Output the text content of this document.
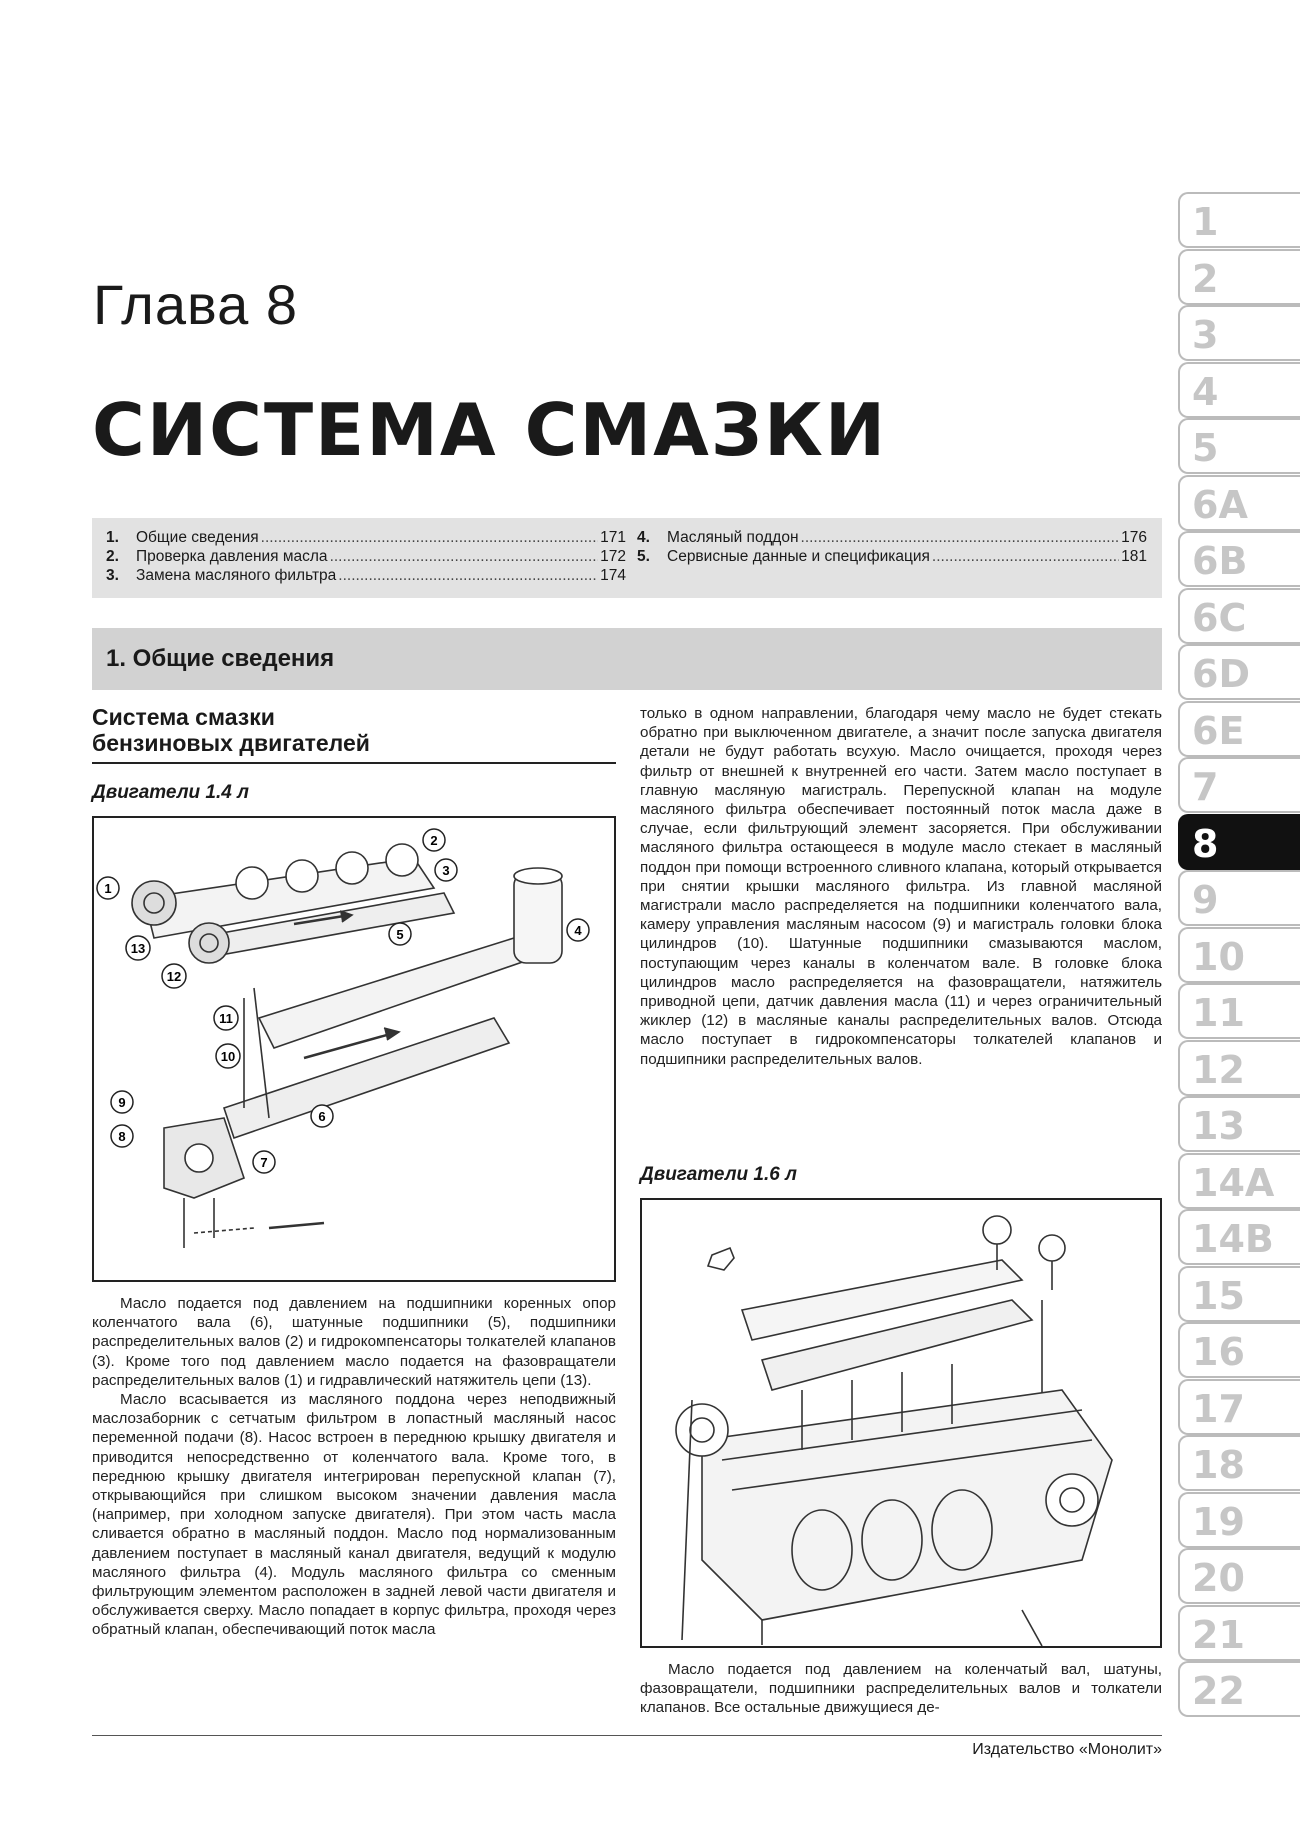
Глава 8
СИСТЕМА СМАЗКИ
1.	Общие сведения .....	171
2.	Проверка давления масла .....	172
3.	Замена масляного фильтра .....	174
4.	Масляный поддон .....	176
5.	Сервисные данные и спецификация .....	181
1. Общие сведения
Система смазки
бензиновых двигателей
Двигатели 1.4 л
1
2
3
4
5
6
7
8
9
10
11
12
13

Масло подается под давлением на подшипники коренных опор коленчатого вала (6), шатунные подшипники (5), подшипники распределительных валов (2) и гидрокомпенсаторы толкателей клапанов (3). Кроме того под давлением масло подается на фазовращатели распределительных валов (1) и гидравлический натяжитель цепи (13).

Масло всасывается из масляного поддона через неподвижный маслозаборник с сетчатым фильтром в лопастный масляный насос переменной подачи (8). Насос встроен в переднюю крышку двигателя и приводится непосредственно от коленчатого вала. Кроме того, в переднюю крышку двигателя интегрирован перепускной клапан (7), открывающийся при слишком высоком значении давления масла (например, при холодном запуске двигателя). При этом часть масла сливается обратно в масляный поддон. Масло под нормализованным давлением поступает в масляный канал двигателя, ведущий к модулю масляного фильтра (4). Модуль масляного фильтра со сменным фильтрующим элементом расположен в задней левой части двигателя и обслуживается сверху. Масло попадает в корпус фильтра, проходя через обратный клапан, обеспечивающий поток масла

только в одном направлении, благодаря чему масло не будет стекать обратно при выключенном двигателе, а значит после запуска двигателя детали не будут работать всухую. Масло очищается, проходя через фильтр от внешней к внутренней его части. Затем масло поступает в главную масляную магистраль. Перепускной клапан на модуле масляного фильтра обеспечивает постоянный поток масла даже в случае, если фильтрующий элемент засоряется. При обслуживании масляного фильтра остающееся в модуле масло стекает в масляный поддон при помощи встроенного сливного клапана, который открывается при снятии крышки масляного фильтра. Из главной масляной магистрали масло распределяется на подшипники коленчатого вала, камеру управления масляным насосом (9) и магистраль головки блока цилиндров (10). Шатунные подшипники смазываются маслом, поступающим через каналы в коленчатом вале. В головке блока цилиндров масло распределяется на фазовращатели, натяжитель приводной цепи, датчик давления масла (11) и через ограничительный жиклер (12) в масляные каналы распределительных валов. Отсюда масло поступает в гидрокомпенсаторы толкателей клапанов и подшипники распределительных валов.

Двигатели 1.6 л

Масло подается под давлением на коленчатый вал, шатуны, фазовращатели, подшипники распределительных валов и толкатели клапанов. Все остальные движущиеся де-

Издательство «Монолит»
1
2
3
4
5
6A
6B
6C
6D
6E
7
8
9
10
11
12
13
14A
14B
15
16
17
18
19
20
21
22
